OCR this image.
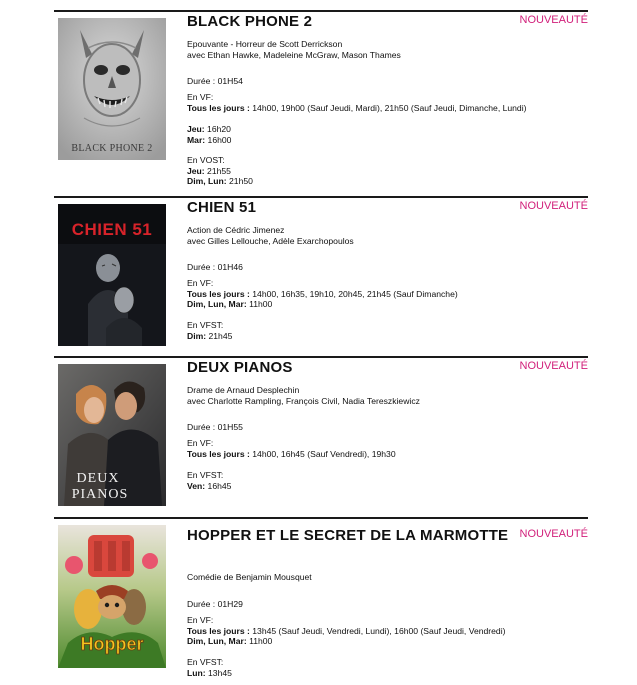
BLACK PHONE 2
BLACK PHONE 2	NOUVEAUTÉ
Epouvante - Horreur de Scott Derrickson
avec Ethan Hawke, Madeleine McGraw, Mason Thames
Durée : 01H54
En VF:
Tous les jours : 14h00, 19h00 (Sauf Jeudi, Mardi), 21h50 (Sauf Jeudi, Dimanche, Lundi)
Jeu: 16h20
Mar: 16h00
En VOST:
Jeu: 21h55
Dim, Lun: 21h50
CHIEN 51
CHIEN 51	NOUVEAUTÉ
Action de Cédric Jimenez
avec Gilles Lellouche, Adèle Exarchopoulos
Durée : 01H46
En VF:
Tous les jours : 14h00, 16h35, 19h10, 20h45, 21h45 (Sauf Dimanche)
Dim, Lun, Mar: 11h00
En VFST:
Dim: 21h45
DEUX
PIANOS
DEUX PIANOS	NOUVEAUTÉ
Drame de Arnaud Desplechin
avec Charlotte Rampling, François Civil, Nadia Tereszkiewicz
Durée : 01H55
En VF:
Tous les jours : 14h00, 16h45 (Sauf Vendredi), 19h30
En VFST:
Ven: 16h45
Hopper
HOPPER ET LE SECRET DE LA MARMOTTE NOUVEAUTÉ
Comédie de Benjamin Mousquet
Durée : 01H29
En VF:
Tous les jours : 13h45 (Sauf Jeudi, Vendredi, Lundi), 16h00 (Sauf Jeudi, Vendredi)
Dim, Lun, Mar: 11h00
En VFST:
Lun: 13h45
